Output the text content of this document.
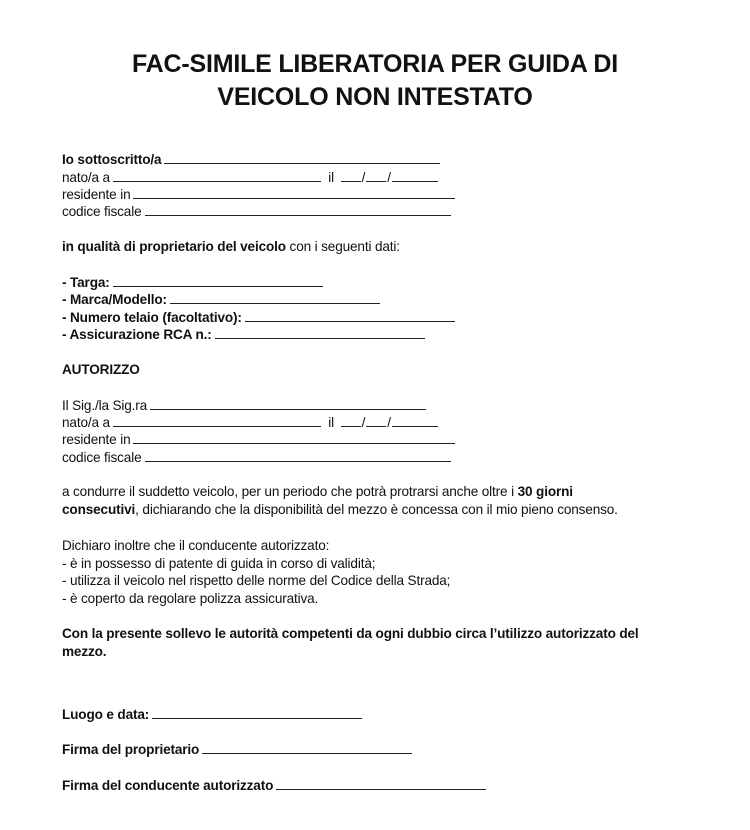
FAC-SIMILE LIBERATORIA PER GUIDA DI
VEICOLO NON INTESTATO
Io sottoscritto/a
nato/a a	il / /
residente in
codice fiscale
in qualità di proprietario del veicolo con i seguenti dati:
- Targa:
- Marca/Modello:
- Numero telaio (facoltativo):
- Assicurazione RCA n.:
AUTORIZZO
Il Sig./la Sig.ra
nato/a a	il / /
residente in
codice fiscale
a condurre il suddetto veicolo, per un periodo che potrà protrarsi anche oltre i 30 giorni
consecutivi, dichiarando che la disponibilità del mezzo è concessa con il mio pieno consenso.
Dichiaro inoltre che il conducente autorizzato:
- è in possesso di patente di guida in corso di validità;
- utilizza il veicolo nel rispetto delle norme del Codice della Strada;
- è coperto da regolare polizza assicurativa.
Con la presente sollevo le autorità competenti da ogni dubbio circa l’utilizzo autorizzato del
mezzo.
Luogo e data:
Firma del proprietario
Firma del conducente autorizzato
